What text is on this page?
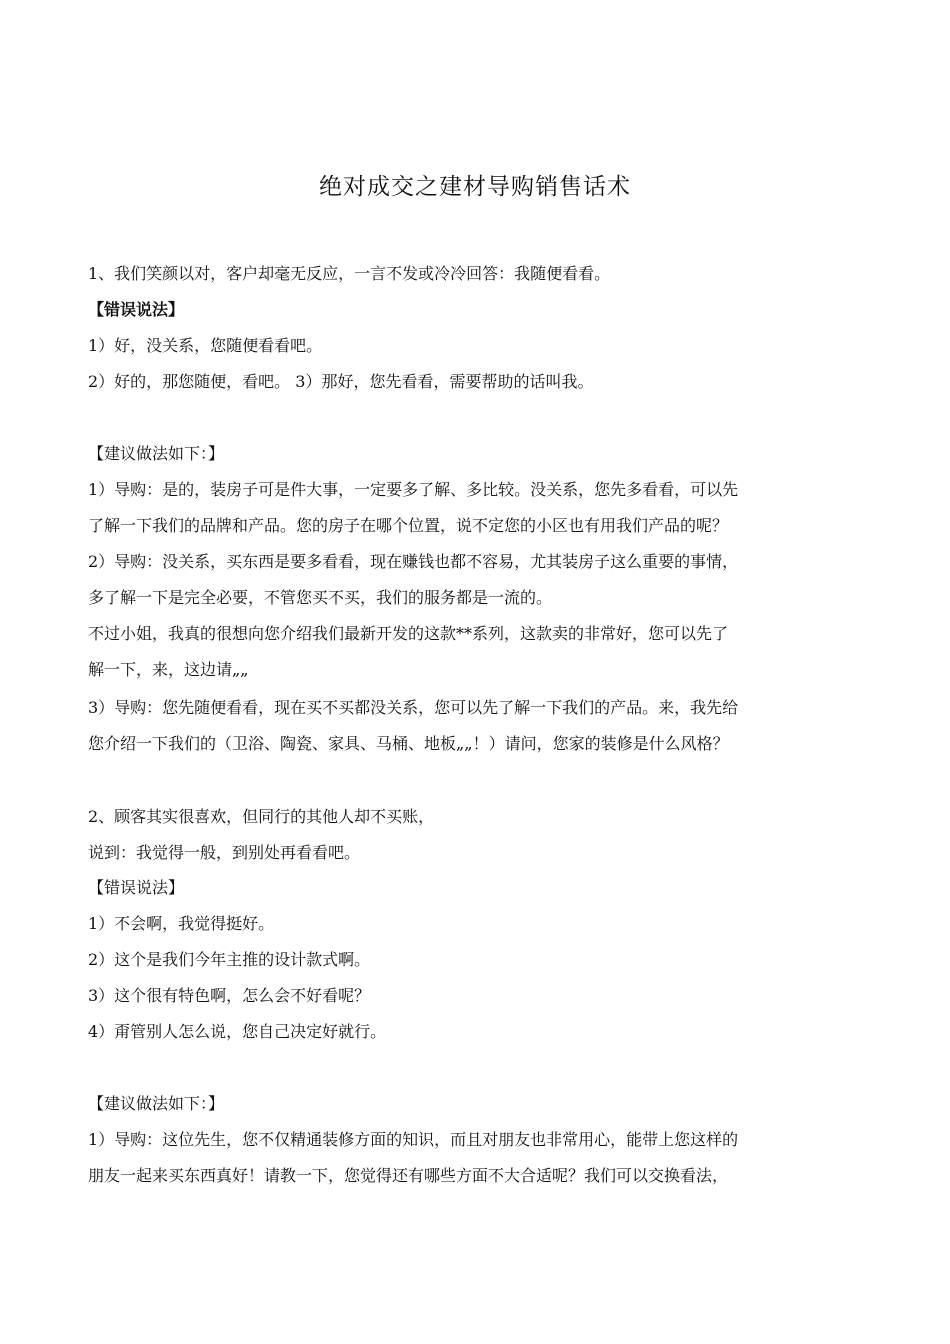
绝对成交之建材导购销售话术
1、我们笑颜以对，客户却毫无反应，一言不发或冷冷回答：我随便看看。
【错误说法】
1）好，没关系，您随便看看吧。
2）好的，那您随便，看吧。 3）那好，您先看看，需要帮助的话叫我。
【建议做法如下：】
1）导购：是的，装房子可是件大事，一定要多了解、多比较。没关系，您先多看看，可以先
了解一下我们的品牌和产品。您的房子在哪个位置，说不定您的小区也有用我们产品的呢？
2）导购：没关系，买东西是要多看看，现在赚钱也都不容易，尤其装房子这么重要的事情，
多了解一下是完全必要，不管您买不买，我们的服务都是一流的。
不过小姐，我真的很想向您介绍我们最新开发的这款**系列，这款卖的非常好，您可以先了
解一下，来，这边请„„
3）导购：您先随便看看，现在买不买都没关系，您可以先了解一下我们的产品。来，我先给
您介绍一下我们的（卫浴、陶瓷、家具、马桶、地板„„！）请问，您家的装修是什么风格？
2、顾客其实很喜欢，但同行的其他人却不买账，
说到：我觉得一般，到别处再看看吧。
【错误说法】
1）不会啊，我觉得挺好。
2）这个是我们今年主推的设计款式啊。
3）这个很有特色啊，怎么会不好看呢？
4）甭管别人怎么说，您自己决定好就行。
【建议做法如下：】
1）导购：这位先生，您不仅精通装修方面的知识，而且对朋友也非常用心，能带上您这样的
朋友一起来买东西真好！请教一下，您觉得还有哪些方面不大合适呢？我们可以交换看法，
